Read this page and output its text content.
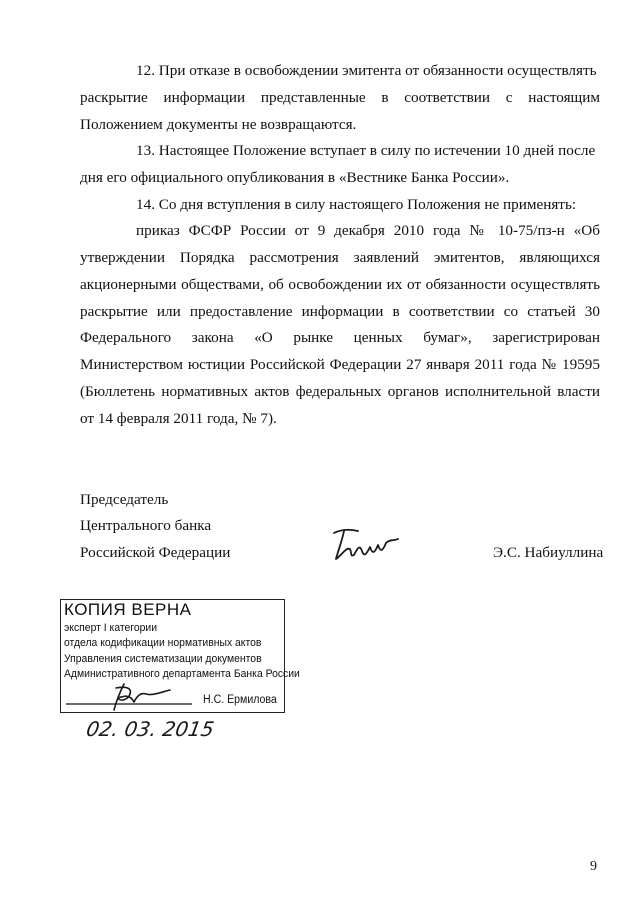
12. При отказе в освобождении эмитента от обязанности осуществлять
раскрытие информации представленные в соответствии с настоящим
Положением документы не возвращаются.
13. Настоящее Положение вступает в силу по истечении 10 дней после
дня его официального опубликования в «Вестнике Банка России».
14. Со дня вступления в силу настоящего Положения не применять:
приказ ФСФР России от 9 декабря 2010 года № 10-75/пз-н «Об
утверждении Порядка рассмотрения заявлений эмитентов, являющихся
акционерными обществами, об освобождении их от обязанности осуществлять
раскрытие или предоставление информации в соответствии со статьей 30
Федерального закона «О рынке ценных бумаг», зарегистрирован
Министерством юстиции Российской Федерации 27 января 2011 года № 19595
(Бюллетень нормативных актов федеральных органов исполнительной власти
от 14 февраля 2011 года, № 7).
Председатель
Центрального банка
Российской Федерации	Э.С. Набиуллина
КОПИЯ ВЕРНА
эксперт I категории
отдела кодификации нормативных актов
Управления систематизации документов
Административного департамента Банка России
Н.С. Ермилова
02. 03. 2015
9
